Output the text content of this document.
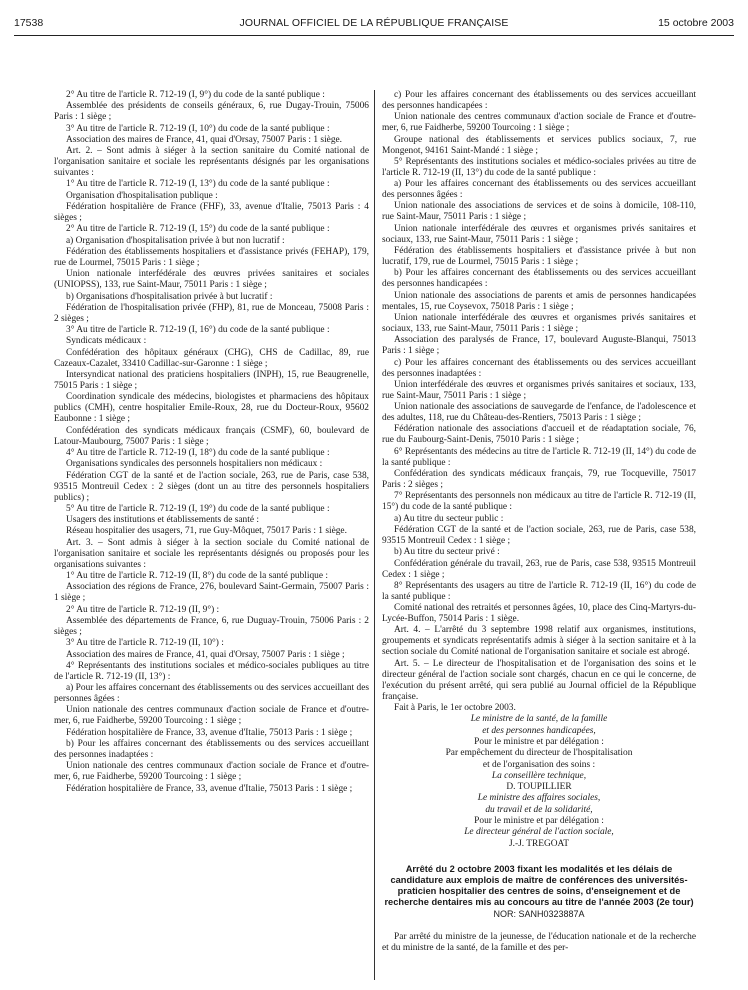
17538	JOURNAL OFFICIEL DE LA RÉPUBLIQUE FRANÇAISE	15 octobre 2003

2° Au titre de l'article R. 712-19 (I, 9°) du code de la santé publique :

Assemblée des présidents de conseils généraux, 6, rue Dugay-Trouin, 75006 Paris : 1 siège ;

3° Au titre de l'article R. 712-19 (I, 10°) du code de la santé publique :

Association des maires de France, 41, quai d'Orsay, 75007 Paris : 1 siège.

Art. 2. – Sont admis à siéger à la section sanitaire du Comité national de l'organisation sanitaire et sociale les représentants désignés par les organisations suivantes :

1° Au titre de l'article R. 712-19 (I, 13°) du code de la santé publique :

Organisation d'hospitalisation publique :

Fédération hospitalière de France (FHF), 33, avenue d'Italie, 75013 Paris : 4 sièges ;

2° Au titre de l'article R. 712-19 (I, 15°) du code de la santé publique :

a) Organisation d'hospitalisation privée à but non lucratif :

Fédération des établissements hospitaliers et d'assistance privés (FEHAP), 179, rue de Lourmel, 75015 Paris : 1 siège ;

Union nationale interfédérale des œuvres privées sanitaires et sociales (UNIOPSS), 133, rue Saint-Maur, 75011 Paris : 1 siège ;

b) Organisations d'hospitalisation privée à but lucratif :

Fédération de l'hospitalisation privée (FHP), 81, rue de Monceau, 75008 Paris : 2 sièges ;

3° Au titre de l'article R. 712-19 (I, 16°) du code de la santé publique :

Syndicats médicaux :

Confédération des hôpitaux généraux (CHG), CHS de Cadillac, 89, rue Cazeaux-Cazalet, 33410 Cadillac-sur-Garonne : 1 siège ;

Intersyndicat national des praticiens hospitaliers (INPH), 15, rue Beaugrenelle, 75015 Paris : 1 siège ;

Coordination syndicale des médecins, biologistes et pharmaciens des hôpitaux publics (CMH), centre hospitalier Emile-Roux, 28, rue du Docteur-Roux, 95602 Eaubonne : 1 siège ;

Confédération des syndicats médicaux français (CSMF), 60, boulevard de Latour-Maubourg, 75007 Paris : 1 siège ;

4° Au titre de l'article R. 712-19 (I, 18°) du code de la santé publique :

Organisations syndicales des personnels hospitaliers non médicaux :

Fédération CGT de la santé et de l'action sociale, 263, rue de Paris, case 538, 93515 Montreuil Cedex : 2 sièges (dont un au titre des personnels hospitaliers publics) ;

5° Au titre de l'article R. 712-19 (I, 19°) du code de la santé publique :

Usagers des institutions et établissements de santé :

Réseau hospitalier des usagers, 71, rue Guy-Môquet, 75017 Paris : 1 siège.

Art. 3. – Sont admis à siéger à la section sociale du Comité national de l'organisation sanitaire et sociale les représentants désignés ou proposés pour les organisations suivantes :

1° Au titre de l'article R. 712-19 (II, 8°) du code de la santé publique :

Association des régions de France, 276, boulevard Saint-Germain, 75007 Paris : 1 siège ;

2° Au titre de l'article R. 712-19 (II, 9°) :

Assemblée des départements de France, 6, rue Duguay-Trouin, 75006 Paris : 2 sièges ;

3° Au titre de l'article R. 712-19 (II, 10°) :

Association des maires de France, 41, quai d'Orsay, 75007 Paris : 1 siège ;

4° Représentants des institutions sociales et médico-sociales publiques au titre de l'article R. 712-19 (II, 13°) :

a) Pour les affaires concernant des établissements ou des services accueillant des personnes âgées :

Union nationale des centres communaux d'action sociale de France et d'outre-mer, 6, rue Faidherbe, 59200 Tourcoing : 1 siège ;

Fédération hospitalière de France, 33, avenue d'Italie, 75013 Paris : 1 siège ;

b) Pour les affaires concernant des établissements ou des services accueillant des personnes inadaptées :

Union nationale des centres communaux d'action sociale de France et d'outre-mer, 6, rue Faidherbe, 59200 Tourcoing : 1 siège ;

Fédération hospitalière de France, 33, avenue d'Italie, 75013 Paris : 1 siège ;

c) Pour les affaires concernant des établissements ou des services accueillant des personnes handicapées :

Union nationale des centres communaux d'action sociale de France et d'outre-mer, 6, rue Faidherbe, 59200 Tourcoing : 1 siège ;

Groupe national des établissements et services publics sociaux, 7, rue Mongenot, 94161 Saint-Mandé : 1 siège ;

5° Représentants des institutions sociales et médico-sociales privées au titre de l'article R. 712-19 (II, 13°) du code de la santé publique :

a) Pour les affaires concernant des établissements ou des services accueillant des personnes âgées :

Union nationale des associations de services et de soins à domicile, 108-110, rue Saint-Maur, 75011 Paris : 1 siège ;

Union nationale interfédérale des œuvres et organismes privés sanitaires et sociaux, 133, rue Saint-Maur, 75011 Paris : 1 siège ;

Fédération des établissements hospitaliers et d'assistance privée à but non lucratif, 179, rue de Lourmel, 75015 Paris : 1 siège ;

b) Pour les affaires concernant des établissements ou des services accueillant des personnes handicapées :

Union nationale des associations de parents et amis de personnes handicapées mentales, 15, rue Coysevox, 75018 Paris : 1 siège ;

Union nationale interfédérale des œuvres et organismes privés sanitaires et sociaux, 133, rue Saint-Maur, 75011 Paris : 1 siège ;

Association des paralysés de France, 17, boulevard Auguste-Blanqui, 75013 Paris : 1 siège ;

c) Pour les affaires concernant des établissements ou des services accueillant des personnes inadaptées :

Union interfédérale des œuvres et organismes privés sanitaires et sociaux, 133, rue Saint-Maur, 75011 Paris : 1 siège ;

Union nationale des associations de sauvegarde de l'enfance, de l'adolescence et des adultes, 118, rue du Château-des-Rentiers, 75013 Paris : 1 siège ;

Fédération nationale des associations d'accueil et de réadaptation sociale, 76, rue du Faubourg-Saint-Denis, 75010 Paris : 1 siège ;

6° Représentants des médecins au titre de l'article R. 712-19 (II, 14°) du code de la santé publique :

Confédération des syndicats médicaux français, 79, rue Tocqueville, 75017 Paris : 2 sièges ;

7° Représentants des personnels non médicaux au titre de l'article R. 712-19 (II, 15°) du code de la santé publique :

a) Au titre du secteur public :

Fédération CGT de la santé et de l'action sociale, 263, rue de Paris, case 538, 93515 Montreuil Cedex : 1 siège ;

b) Au titre du secteur privé :

Confédération générale du travail, 263, rue de Paris, case 538, 93515 Montreuil Cedex : 1 siège ;

8° Représentants des usagers au titre de l'article R. 712-19 (II, 16°) du code de la santé publique :

Comité national des retraités et personnes âgées, 10, place des Cinq-Martyrs-du-Lycée-Buffon, 75014 Paris : 1 siège.

Art. 4. – L'arrêté du 3 septembre 1998 relatif aux organismes, institutions, groupements et syndicats représentatifs admis à siéger à la section sanitaire et à la section sociale du Comité national de l'organisation sanitaire et sociale est abrogé.

Art. 5. – Le directeur de l'hospitalisation et de l'organisation des soins et le directeur général de l'action sociale sont chargés, chacun en ce qui le concerne, de l'exécution du présent arrêté, qui sera publié au Journal officiel de la République française.

Fait à Paris, le 1er octobre 2003.

Le ministre de la santé, de la famille

et des personnes handicapées,

Pour le ministre et par délégation :

Par empêchement du directeur de l'hospitalisation

et de l'organisation des soins :

La conseillère technique,

D. TOUPILLIER

Le ministre des affaires sociales,

du travail et de la solidarité,

Pour le ministre et par délégation :

Le directeur général de l'action sociale,

J.-J. TREGOAT

Arrêté du 2 octobre 2003 fixant les modalités et les délais de candidature aux emplois de maître de conférences des universités-praticien hospitalier des centres de soins, d'enseignement et de recherche dentaires mis au concours au titre de l'année 2003 (2e tour)
NOR: SANH0323887A

Par arrêté du ministre de la jeunesse, de l'éducation nationale et de la recherche et du ministre de la santé, de la famille et des per-
